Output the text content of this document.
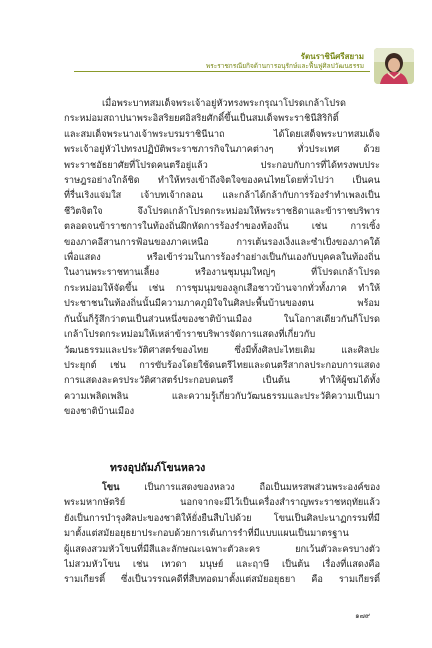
รัตนราชินีศรีสยาม
พระราชกรณียกิจด้านการอนุรักษ์และฟื้นฟูศิลปวัฒนธรรม
เมื่อพระบาทสมเด็จพระเจ้าอยู่หัวทรงพระกรุณาโปรดเกล้าโปรด
กระหม่อมสถาปนาพระอิสริยยศอิสริยศักดิ์ขึ้นเป็นสมเด็จพระราชินีสิริกิติ์
และสมเด็จพระนางเจ้าพระบรมราชินีนาถ ได้โดยเสด็จพระบาทสมเด็จ
พระเจ้าอยู่หัวไปทรงปฏิบัติพระราชภารกิจในภาคต่างๆ ทั่วประเทศ ด้วย
พระราชอัธยาศัยที่โปรดคนตรีอยู่แล้ว ประกอบกับการที่ได้ทรงพบประ
ราษฎรอย่างใกล้ชิด ทำให้ทรงเข้าถึงจิตใจของคนไทยโดยทั่วไปว่า เป็นคน
ที่รื่นเริงแจ่มใส เจ้าบทเจ้ากลอน และกล้าได้กล้ากับการร้องรำทำเพลงเป็น
ชีวิตจิตใจ จึงโปรดเกล้าโปรดกระหม่อมให้พระราชธิดาและข้าราชบริพาร
ตลอดจนข้าราชการในท้องถิ่นฝึกหัดการร้องรำของท้องถิ่น เช่น การเซิ้ง
ของภาคอีสานการฟ้อนของภาคเหนือ การเต้นรองเง็งและซำเป็งของภาคใต้
เพื่อแสดง หรือเข้าร่วมในการร้องรำอย่างเป็นกันเองกับบุคคลในท้องถิ่น
ในงานพระราชทานเลี้ยง หรืองานชุมนุมใหญ่ๆ ที่โปรดเกล้าโปรด
กระหม่อมให้จัดขึ้น เช่น การชุมนุมของลูกเสือชาวบ้านจากทั่วทั้งภาค ทำให้
ประชาชนในท้องถิ่นนั้นมีความภาคภูมิใจในศิลปะพื้นบ้านของตน พร้อม
กันนั้นก็รู้สึกว่าตนเป็นส่วนหนึ่งของชาติบ้านเมือง ในโอกาสเดียวกันก็โปรด
เกล้าโปรดกระหม่อมให้เหล่าข้าราชบริพารจัดการแสดงที่เกี่ยวกับ
วัฒนธรรมและประวัติศาสตร์ของไทย ซึ่งมีทั้งศิลปะไทยเดิม และศิลปะ
ประยุกต์ เช่น การขับร้องโดยใช้ดนตรีไทยและดนตรีสากลประกอบการแสดง
การแสดงละครประวัติศาสตร์ประกอบดนตรี เป็นต้น ทำให้ผู้ชมได้ทั้ง
ความเพลิดเพลิน และความรู้เกี่ยวกับวัฒนธรรมและประวัติความเป็นมา
ของชาติบ้านเมือง
ทรงอุปถัมภ์โขนหลวง
โขน เป็นการแสดงของหลวง ถือเป็นมหรสพส่วนพระองค์ของ
พระมหากษัตริย์ นอกจากจะมีไว้เป็นเครื่องสำราญพระราชหฤทัยแล้ว
ยังเป็นการบำรุงศิลปะของชาติให้ยั่งยืนสืบไปด้วย โขนเป็นศิลปะนาฏกรรมที่มี
มาตั้งแต่สมัยอยุธยาประกอบด้วยการเต้นการรำที่มีแบบแผนเป็นมาตรฐาน
ผู้แสดงสวมหัวโขนที่มีสีและลักษณะเฉพาะตัวละคร ยกเว้นตัวละครบางตัว
ไม่สวมหัวโขน เช่น เทวดา มนุษย์ และฤาษี เป็นต้น เรื่องที่แสดงคือ
รามเกียรติ์ ซึ่งเป็นวรรณคดีที่สืบทอดมาตั้งแต่สมัยอยุธยา คือ รามเกียรติ์
๑๗๙
